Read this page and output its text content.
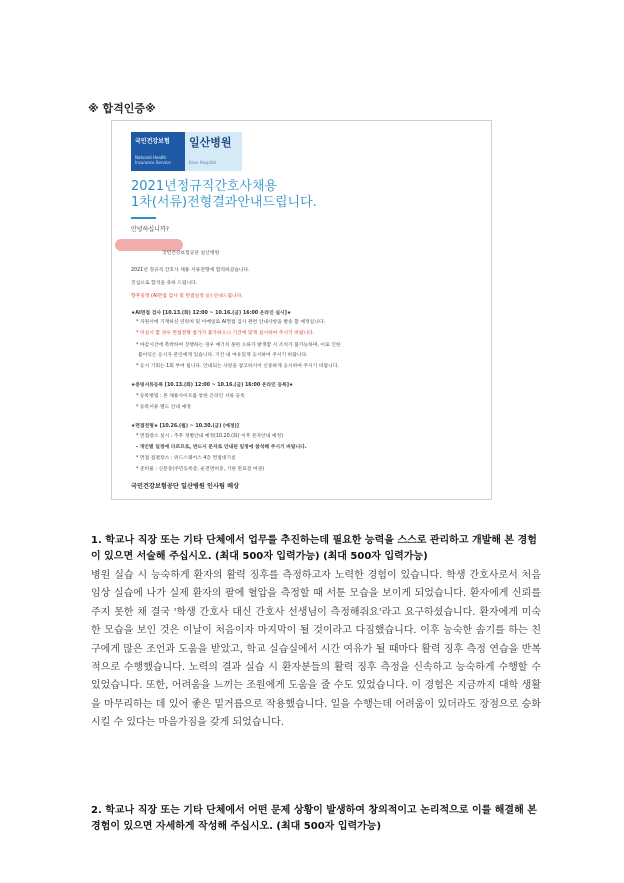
※ 합격인증※
국민건강보험
National Health Insurance Service
일산병원
Ilsan Hospital
2021년정규직간호사채용
1차(서류)전형결과안내드립니다.
안녕하십니까?
국민건강보험공단 일산병원
2021년 정규직 간호사 채용 서류전형에 합격하셨습니다.
진심으로 합격을 축하 드립니다.
향후일정 (AI면접 검사 및 면접일정 등) 안내드립니다.
★AI면접 검사 [10.13.(화) 12:00 ~ 10.16.(금) 16:00 온라인 실시]★
* 지원서에 기재하신 연락처 및 이메일로 AI면접 검사 관련 안내사항을 발송 할 예정입니다.
* 미실시 할 경우 면접전형 참가가 불가하오니 기간에 맞게 실시하여 주시기 바랍니다.
* 마감시간에 촉박하여 진행하는 경우 예기치 못한 오류가 발생할 시 조치가 불가능하며, 이로 인한
불이익은 응시자 본인에게 있습니다. 기간 내 여유있게 응시하여 주시기 바랍니다.
* 응시 기회는 1회 부여 됩니다. 안내되는 사항을 참고하시어 신중하게 응시하여 주시기 바랍니다.
★증빙서류등록 [10.13.(화) 12:00 ~ 10.16.(금) 16:00 온라인 등록]★
* 등록방법 : 본 채용사이트를 통한 온라인 서류 등록
* 등록서류 별도 안내 예정
★면접전형★ [10.26.(월) ~ 10.30.(금) (예정)]
* 면접장소 실시 : 추후 개별안내 예정(10.20.(화) 이후 문자안내 예정)
- 개인별 일정에 다르므로, 반드시 문자로 안내된 일정에 참석해 주시기 바랍니다.
* 면접 집결장소 : 위드스퀘어스 4층 면접대기실
* 준비물 : 신분증(주민등록증, 운전면허증, 기한 만료전 여권)
국민건강보험공단 일산병원 인사팀 배상

1. 학교나 직장 또는 기타 단체에서 업무를 추진하는데 필요한 능력을 스스로 관리하고 개발해 본 경험이 있으면 서술해 주십시오. (최대 500자 입력가능) (최대 500자 입력가능)

병원 실습 시 능숙하게 환자의 활력 징후를 측정하고자 노력한 경험이 있습니다. 학생 간호사로서 처음 임상 실습에 나가 실제 환자의 팔에 혈압을 측정할 때 서툰 모습을 보이게 되었습니다. 환자에게 신뢰를 주지 못한 채 결국 '학생 간호사 대신 간호사 선생님이 측정해줘요'라고 요구하셨습니다. 환자에게 미숙한 모습을 보인 것은 이날이 처음이자 마지막이 될 것이라고 다짐했습니다. 이후 능숙한 솜기를 하는 친구에게 많은 조언과 도움을 받았고, 학교 실습실에서 시간 여유가 될 때마다 활력 징후 측정 연습을 반복적으로 수행했습니다. 노력의 결과 실습 시 환자분들의 활력 징후 측정을 신속하고 능숙하게 수행할 수 있었습니다. 또한, 어려움을 느끼는 조원에게 도움을 줄 수도 있었습니다. 이 경험은 지금까지 대학 생활을 마무리하는 데 있어 좋은 밑거름으로 작용했습니다. 일을 수행는데 어려움이 있더라도 장점으로 승화시킬 수 있다는 마음가짐을 갖게 되었습니다.

2. 학교나 직장 또는 기타 단체에서 어떤 문제 상황이 발생하여 창의적이고 논리적으로 이를 해결해 본 경험이 있으면 자세하게 작성해 주십시오. (최대 500자 입력가능)
